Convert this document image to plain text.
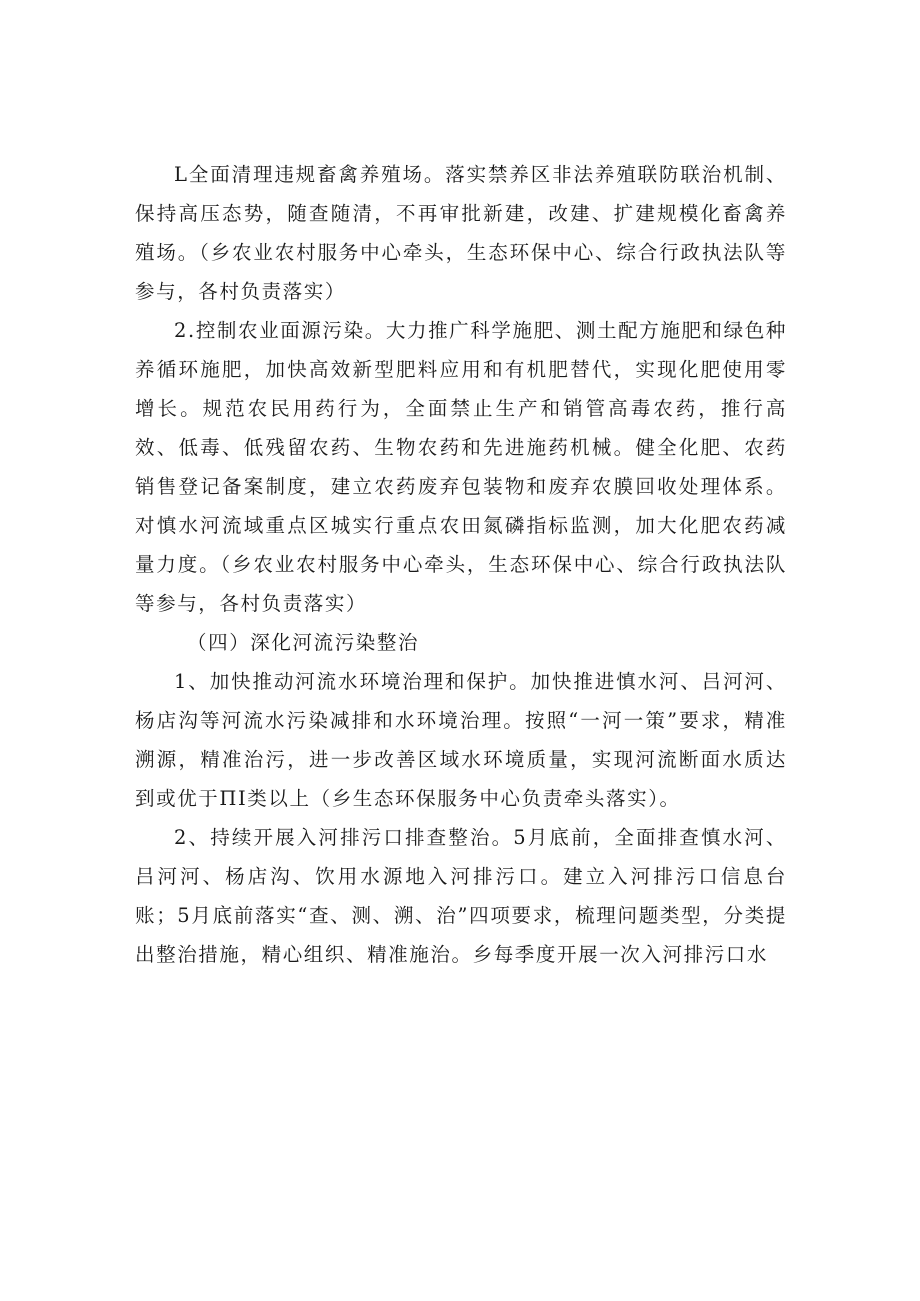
L全面清理违规畜禽养殖场。落实禁养区非法养殖联防联治机制、保持高压态势，随查随清，不再审批新建，改建、扩建规模化畜禽养殖场。（乡农业农村服务中心牵头，生态环保中心、综合行政执法队等参与，各村负责落实）

2.控制农业面源污染。大力推广科学施肥、测土配方施肥和绿色种养循环施肥，加快高效新型肥料应用和有机肥替代，实现化肥使用零增长。规范农民用药行为，全面禁止生产和销管高毒农药，推行高效、低毒、低残留农药、生物农药和先进施药机械。健全化肥、农药销售登记备案制度，建立农药废弃包装物和废弃农膜回收处理体系。对慎水河流域重点区城实行重点农田氮磷指标监测，加大化肥农药减量力度。（乡农业农村服务中心牵头，生态环保中心、综合行政执法队等参与，各村负责落实）

（四）深化河流污染整治

1、加快推动河流水环境治理和保护。加快推进慎水河、吕河河、杨店沟等河流水污染减排和水环境治理。按照“一河一策”要求，精准溯源，精准治污，进一步改善区域水环境质量，实现河流断面水质达到或优于ΠI类以上（乡生态环保服务中心负责牵头落实）。

2、持续开展入河排污口排查整治。5月底前，全面排查慎水河、吕河河、杨店沟、饮用水源地入河排污口。建立入河排污口信息台账；5月底前落实“查、测、溯、治”四项要求，梳理问题类型，分类提出整治措施，精心组织、精准施治。乡每季度开展一次入河排污口水
